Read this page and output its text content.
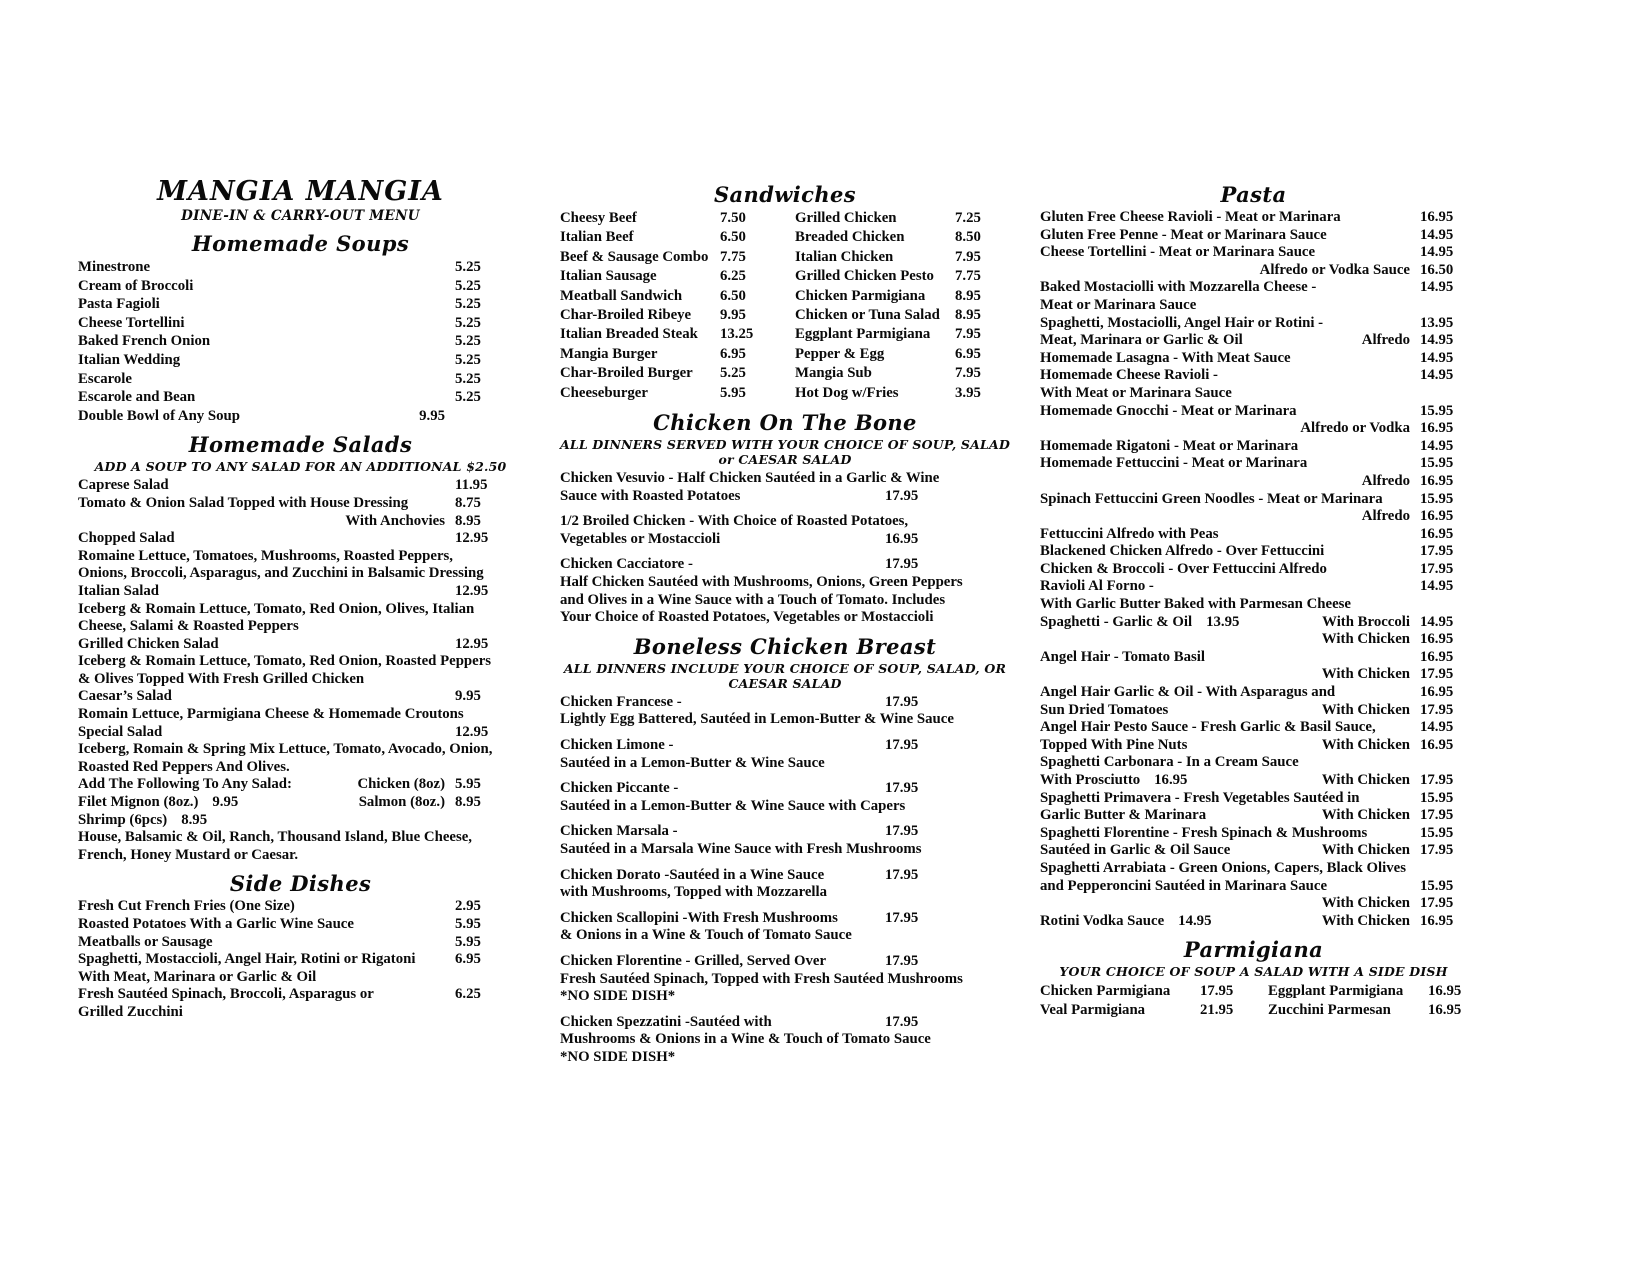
MANGIA MANGIA
DINE-IN & CARRY-OUT MENU
Homemade Soups
Minestrone	5.25
Cream of Broccoli	5.25
Pasta Fagioli	5.25
Cheese Tortellini	5.25
Baked French Onion	5.25
Italian Wedding	5.25
Escarole	5.25
Escarole and Bean	5.25
Double Bowl of Any Soup	9.95
Homemade Salads
ADD A SOUP TO ANY SALAD FOR AN ADDITIONAL $2.50
Caprese Salad	11.95
Tomato & Onion Salad Topped with House Dressing	8.75
With Anchovies 8.95
Chopped Salad	12.95
Romaine Lettuce, Tomatoes, Mushrooms, Roasted Peppers,
Onions, Broccoli, Asparagus, and Zucchini in Balsamic Dressing
Italian Salad	12.95
Iceberg & Romain Lettuce, Tomato, Red Onion, Olives, Italian
Cheese, Salami & Roasted Peppers
Grilled Chicken Salad	12.95
Iceberg & Romain Lettuce, Tomato, Red Onion, Roasted Peppers
& Olives Topped With Fresh Grilled Chicken
Caesar’s Salad	9.95
Romain Lettuce, Parmigiana Cheese & Homemade Croutons
Special Salad	12.95
Iceberg, Romain & Spring Mix Lettuce, Tomato, Avocado, Onion,
Roasted Red Peppers And Olives.
Add The Following To Any Salad:	Chicken (8oz) 5.95
Filet Mignon (8oz.) 9.95	Salmon (8oz.) 8.95
Shrimp (6pcs) 8.95
House, Balsamic & Oil, Ranch, Thousand Island, Blue Cheese,
French, Honey Mustard or Caesar.
Side Dishes
Fresh Cut French Fries (One Size)	2.95
Roasted Potatoes With a Garlic Wine Sauce	5.95
Meatballs or Sausage	5.95
Spaghetti, Mostaccioli, Angel Hair, Rotini or Rigatoni	6.95
With Meat, Marinara or Garlic & Oil
Fresh Sautéed Spinach, Broccoli, Asparagus or	6.25
Grilled Zucchini
Sandwiches
Cheesy Beef	7.50
Italian Beef	6.50
Beef & Sausage Combo 7.75
Italian Sausage	6.25
Meatball Sandwich	6.50
Char-Broiled Ribeye 9.95
Italian Breaded Steak 13.25
Mangia Burger	6.95
Char-Broiled Burger 5.25
Cheeseburger	5.95
Grilled Chicken	7.25
Breaded Chicken	8.50
Italian Chicken	7.95
Grilled Chicken Pesto 7.75
Chicken Parmigiana 8.95
Chicken or Tuna Salad 8.95
Eggplant Parmigiana 7.95
Pepper & Egg	6.95
Mangia Sub	7.95
Hot Dog w/Fries	3.95
Chicken On The Bone
ALL DINNERS SERVED WITH YOUR CHOICE OF SOUP, SALAD or CAESAR SALAD
Chicken Vesuvio - Half Chicken Sautéed in a Garlic & Wine
Sauce with Roasted Potatoes	17.95
1/2 Broiled Chicken - With Choice of Roasted Potatoes,
Vegetables or Mostaccioli	16.95
Chicken Cacciatore -	17.95
Half Chicken Sautéed with Mushrooms, Onions, Green Peppers
and Olives in a Wine Sauce with a Touch of Tomato. Includes
Your Choice of Roasted Potatoes, Vegetables or Mostaccioli
Boneless Chicken Breast
ALL DINNERS INCLUDE YOUR CHOICE OF SOUP, SALAD, OR CAESAR SALAD
Chicken Francese -	17.95
Lightly Egg Battered, Sautéed in Lemon-Butter & Wine Sauce
Chicken Limone -	17.95
Sautéed in a Lemon-Butter & Wine Sauce
Chicken Piccante -	17.95
Sautéed in a Lemon-Butter & Wine Sauce with Capers
Chicken Marsala -	17.95
Sautéed in a Marsala Wine Sauce with Fresh Mushrooms
Chicken Dorato -Sautéed in a Wine Sauce	17.95
with Mushrooms, Topped with Mozzarella
Chicken Scallopini -With Fresh Mushrooms	17.95
& Onions in a Wine & Touch of Tomato Sauce
Chicken Florentine - Grilled, Served Over	17.95
Fresh Sautéed Spinach, Topped with Fresh Sautéed Mushrooms
*NO SIDE DISH*
Chicken Spezzatini -Sautéed with	17.95
Mushrooms & Onions in a Wine & Touch of Tomato Sauce
*NO SIDE DISH*
Pasta
Gluten Free Cheese Ravioli - Meat or Marinara	16.95
Gluten Free Penne - Meat or Marinara Sauce	14.95
Cheese Tortellini - Meat or Marinara Sauce	14.95
Alfredo or Vodka Sauce 16.50
Baked Mostaciolli with Mozzarella Cheese -	14.95
Meat or Marinara Sauce
Spaghetti, Mostaciolli, Angel Hair or Rotini -	13.95
Meat, Marinara or Garlic & Oil	Alfredo 14.95
Homemade Lasagna - With Meat Sauce	14.95
Homemade Cheese Ravioli -	14.95
With Meat or Marinara Sauce
Homemade Gnocchi - Meat or Marinara	15.95
Alfredo or Vodka 16.95
Homemade Rigatoni - Meat or Marinara	14.95
Homemade Fettuccini - Meat or Marinara	15.95
Alfredo 16.95
Spinach Fettuccini Green Noodles - Meat or Marinara	15.95
Alfredo 16.95
Fettuccini Alfredo with Peas	16.95
Blackened Chicken Alfredo - Over Fettuccini	17.95
Chicken & Broccoli - Over Fettuccini Alfredo	17.95
Ravioli Al Forno -	14.95
With Garlic Butter Baked with Parmesan Cheese
Spaghetti - Garlic & Oil 13.95	With Broccoli 14.95
With Chicken 16.95
Angel Hair - Tomato Basil	16.95
With Chicken 17.95
Angel Hair Garlic & Oil - With Asparagus and	16.95
Sun Dried Tomatoes	With Chicken 17.95
Angel Hair Pesto Sauce - Fresh Garlic & Basil Sauce,	14.95
Topped With Pine Nuts	With Chicken 16.95
Spaghetti Carbonara - In a Cream Sauce
With Prosciutto 16.95	With Chicken 17.95
Spaghetti Primavera - Fresh Vegetables Sautéed in	15.95
Garlic Butter & Marinara	With Chicken 17.95
Spaghetti Florentine - Fresh Spinach & Mushrooms	15.95
Sautéed in Garlic & Oil Sauce	With Chicken 17.95
Spaghetti Arrabiata - Green Onions, Capers, Black Olives
and Pepperoncini Sautéed in Marinara Sauce	15.95
With Chicken 17.95
Rotini Vodka Sauce 14.95	With Chicken 16.95
Parmigiana
YOUR CHOICE OF SOUP A SALAD WITH A SIDE DISH
Chicken Parmigiana 17.95
Veal Parmigiana	21.95
Eggplant Parmigiana 16.95
Zucchini Parmesan	16.95
